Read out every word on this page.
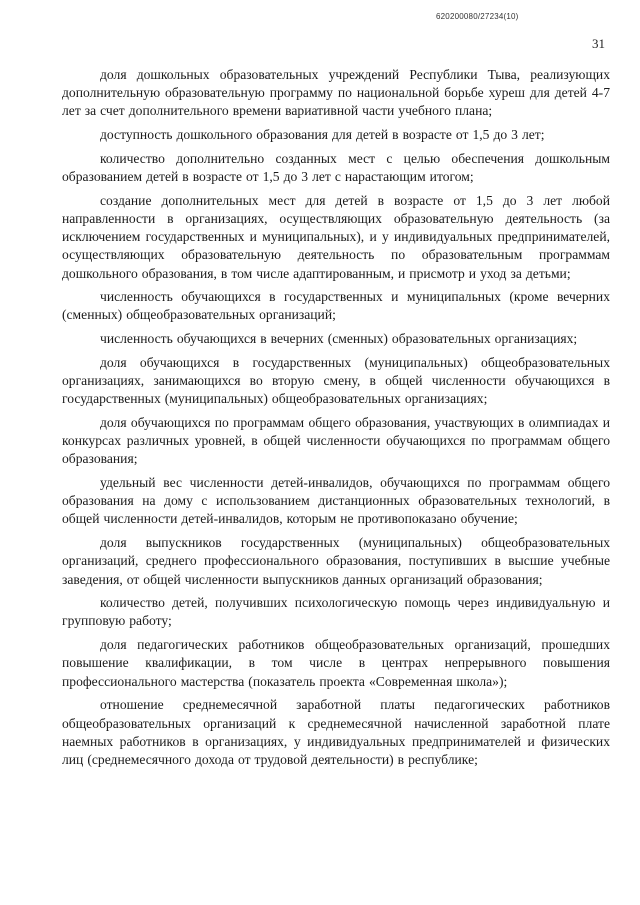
620200080/27234(10)
31

доля дошкольных образовательных учреждений Республики Тыва, реализующих дополнительную образовательную программу по национальной борьбе хуреш для детей 4-7 лет за счет дополнительного времени вариативной части учебного плана;

доступность дошкольного образования для детей в возрасте от 1,5 до 3 лет;

количество дополнительно созданных мест с целью обеспечения дошкольным образованием детей в возрасте от 1,5 до 3 лет с нарастающим итогом;

создание дополнительных мест для детей в возрасте от 1,5 до 3 лет любой направленности в организациях, осуществляющих образовательную деятельность (за исключением государственных и муниципальных), и у индивидуальных предпринимателей, осуществляющих образовательную деятельность по образовательным программам дошкольного образования, в том числе адаптированным, и присмотр и уход за детьми;

численность обучающихся в государственных и муниципальных (кроме вечерних (сменных) общеобразовательных организаций;

численность обучающихся в вечерних (сменных) образовательных организациях;

доля обучающихся в государственных (муниципальных) общеобразовательных организациях, занимающихся во вторую смену, в общей численности обучающихся в государственных (муниципальных) общеобразовательных организациях;

доля обучающихся по программам общего образования, участвующих в олимпиадах и конкурсах различных уровней, в общей численности обучающихся по программам общего образования;

удельный вес численности детей-инвалидов, обучающихся по программам общего образования на дому с использованием дистанционных образовательных технологий, в общей численности детей-инвалидов, которым не противопоказано обучение;

доля выпускников государственных (муниципальных) общеобразовательных организаций, среднего профессионального образования, поступивших в высшие учебные заведения, от общей численности выпускников данных организаций образования;

количество детей, получивших психологическую помощь через индивидуальную и групповую работу;

доля педагогических работников общеобразовательных организаций, прошедших повышение квалификации, в том числе в центрах непрерывного повышения профессионального мастерства (показатель проекта «Современная школа»);

отношение среднемесячной заработной платы педагогических работников общеобразовательных организаций к среднемесячной начисленной заработной плате наемных работников в организациях, у индивидуальных предпринимателей и физических лиц (среднемесячного дохода от трудовой деятельности) в республике;
